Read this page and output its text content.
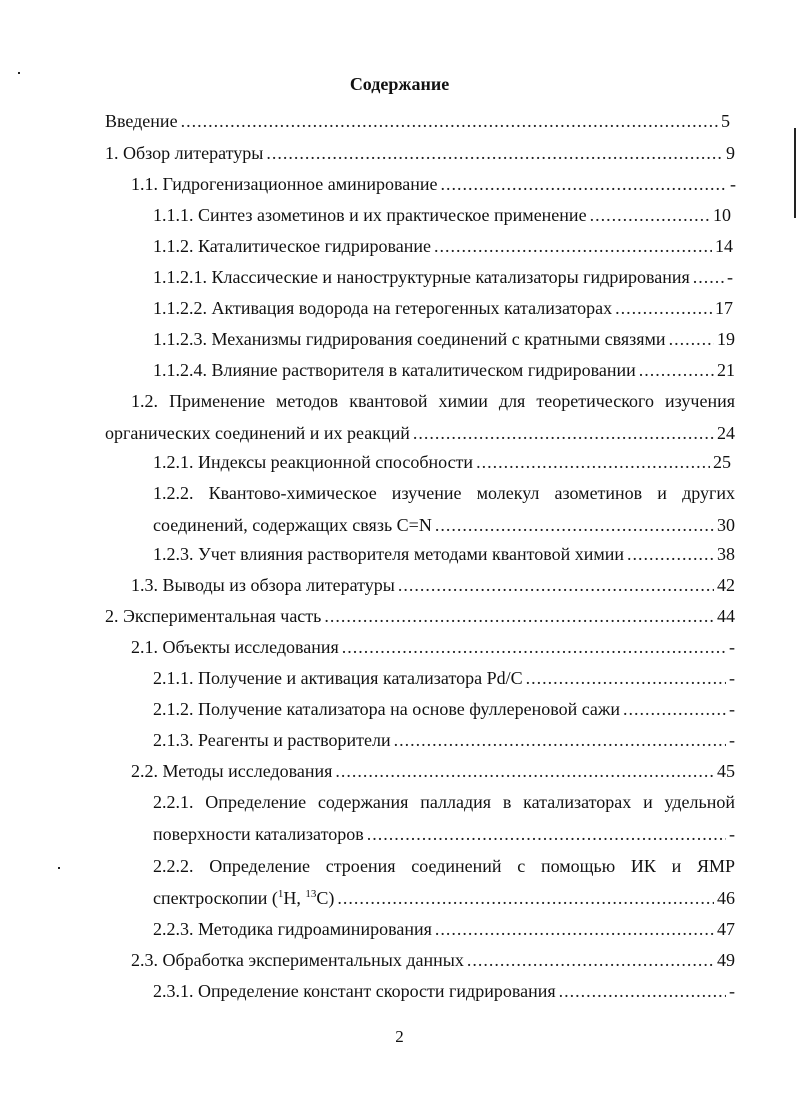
Содержание
Введение .....	5
1. Обзор литературы .....	9
1.1. Гидрогенизационное аминирование .....	-
1.1.1. Синтез азометинов и их практическое применение .....	10
1.1.2. Каталитическое гидрирование .....	14
1.1.2.1. Классические и наноструктурные катализаторы гидрирования ..... -
1.1.2.2. Активация водорода на гетерогенных катализаторах .....	17
1.1.2.3. Механизмы гидрирования соединений с кратными связями .....	19
1.1.2.4. Влияние растворителя в каталитическом гидрировании .....	21
1.2. Применение методов квантовой химии для теоретического изучения
органических соединений и их реакций .....	24
1.2.1. Индексы реакционной способности .....	25
1.2.2. Квантово-химическое изучение молекул азометинов и других
соединений, содержащих связь C=N .....	30
1.2.3. Учет влияния растворителя методами квантовой химии .....	38
1.3. Выводы из обзора литературы .....	42
2. Экспериментальная часть .....	44
2.1. Объекты исследования .....	-
2.1.1. Получение и активация катализатора Pd/C .....	-
2.1.2. Получение катализатора на основе фуллереновой сажи .....	-
2.1.3. Реагенты и растворители .....	-
2.2. Методы исследования .....	45
2.2.1. Определение содержания палладия в катализаторах и удельной
поверхности катализаторов .....	-
2.2.2. Определение строения соединений с помощью ИК и ЯМР
спектроскопии ($^1$H, $^{13}$C) .....	46
2.2.3. Методика гидроаминирования .....	47
2.3. Обработка экспериментальных данных .....	49
2.3.1. Определение констант скорости гидрирования .....	-
2
